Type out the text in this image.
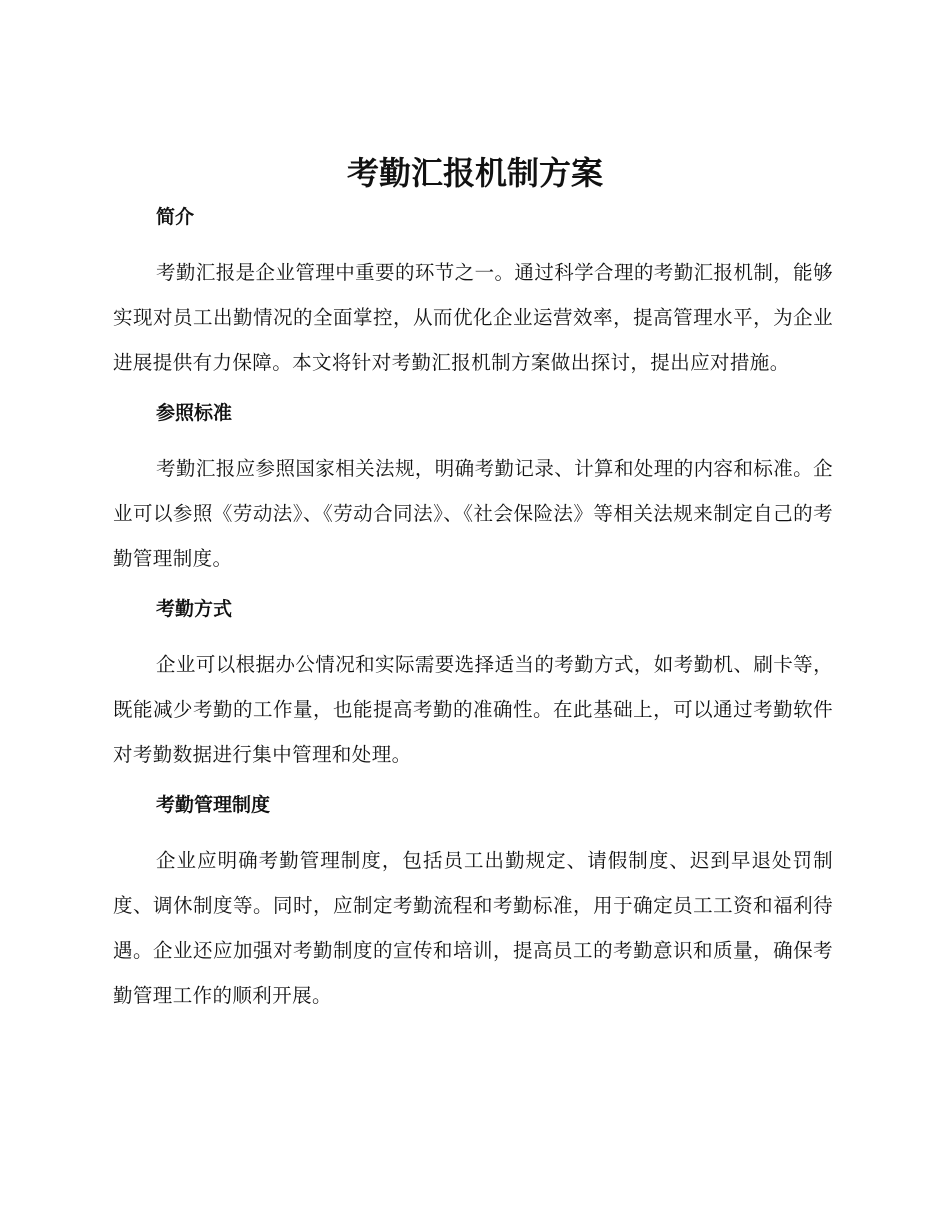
考勤汇报机制方案
简介

考勤汇报是企业管理中重要的环节之一。通过科学合理的考勤汇报机制，能够实现对员工出勤情况的全面掌控，从而优化企业运营效率，提高管理水平，为企业进展提供有力保障。本文将针对考勤汇报机制方案做出探讨，提出应对措施。

参照标准

考勤汇报应参照国家相关法规，明确考勤记录、计算和处理的内容和标准。企业可以参照《劳动法》、《劳动合同法》、《社会保险法》等相关法规来制定自己的考勤管理制度。

考勤方式

企业可以根据办公情况和实际需要选择适当的考勤方式，如考勤机、刷卡等，既能减少考勤的工作量，也能提高考勤的准确性。在此基础上，可以通过考勤软件对考勤数据进行集中管理和处理。

考勤管理制度

企业应明确考勤管理制度，包括员工出勤规定、请假制度、迟到早退处罚制度、调休制度等。同时，应制定考勤流程和考勤标准，用于确定员工工资和福利待遇。企业还应加强对考勤制度的宣传和培训，提高员工的考勤意识和质量，确保考勤管理工作的顺利开展。
